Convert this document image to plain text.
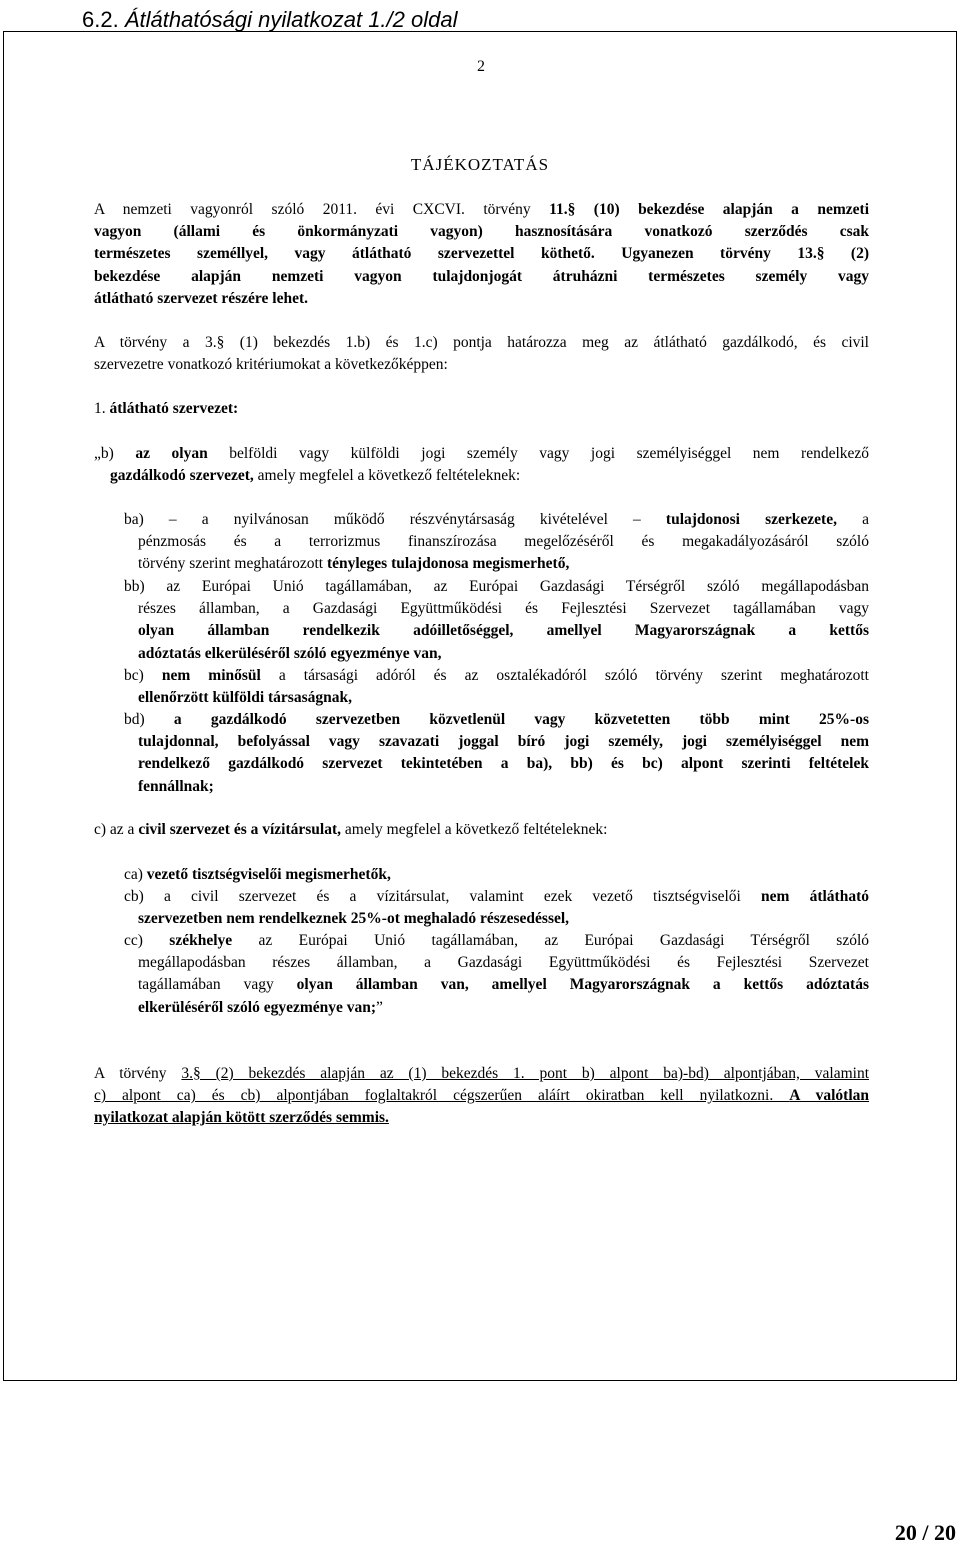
6.2. Átláthatósági nyilatkozat 1./2 oldal
2
TÁJÉKOZTATÁS
A nemzeti vagyonról szóló 2011. évi CXCVI. törvény 11.§ (10) bekezdése alapján a nemzeti
vagyon (állami és önkormányzati vagyon) hasznosítására vonatkozó szerződés csak
természetes személlyel, vagy átlátható szervezettel köthető. Ugyanezen törvény 13.§ (2)
bekezdése alapján nemzeti vagyon tulajdonjogát átruházni természetes személy vagy
átlátható szervezet részére lehet.
A törvény a 3.§ (1) bekezdés 1.b) és 1.c) pontja határozza meg az átlátható gazdálkodó, és civil
szervezetre vonatkozó kritériumokat a következőképpen:
1. átlátható szervezet:
„b) az olyan belföldi vagy külföldi jogi személy vagy jogi személyiséggel nem rendelkező
gazdálkodó szervezet, amely megfelel a következő feltételeknek:
ba) – a nyilvánosan működő részvénytársaság kivételével – tulajdonosi szerkezete, a
pénzmosás és a terrorizmus finanszírozása megelőzéséről és megakadályozásáról szóló
törvény szerint meghatározott tényleges tulajdonosa megismerhető,
bb) az Európai Unió tagállamában, az Európai Gazdasági Térségről szóló megállapodásban
részes államban, a Gazdasági Együttműködési és Fejlesztési Szervezet tagállamában vagy
olyan államban rendelkezik adóilletőséggel, amellyel Magyarországnak a kettős
adóztatás elkerüléséről szóló egyezménye van,
bc) nem minősül a társasági adóról és az osztalékadóról szóló törvény szerint meghatározott
ellenőrzött külföldi társaságnak,
bd) a gazdálkodó szervezetben közvetlenül vagy közvetetten több mint 25%-os
tulajdonnal, befolyással vagy szavazati joggal bíró jogi személy, jogi személyiséggel nem
rendelkező gazdálkodó szervezet tekintetében a ba), bb) és bc) alpont szerinti feltételek
fennállnak;
c) az a civil szervezet és a vízitársulat, amely megfelel a következő feltételeknek:
ca) vezető tisztségviselői megismerhetők,
cb) a civil szervezet és a vízitársulat, valamint ezek vezető tisztségviselői nem átlátható
szervezetben nem rendelkeznek 25%-ot meghaladó részesedéssel,
cc) székhelye az Európai Unió tagállamában, az Európai Gazdasági Térségről szóló
megállapodásban részes államban, a Gazdasági Együttműködési és Fejlesztési Szervezet
tagállamában vagy olyan államban van, amellyel Magyarországnak a kettős adóztatás
elkerüléséről szóló egyezménye van;”
A törvény 3.§ (2) bekezdés alapján az (1) bekezdés 1. pont b) alpont ba)-bd) alpontjában, valamint
c) alpont ca) és cb) alpontjában foglaltakról cégszerűen aláírt okiratban kell nyilatkozni. A valótlan
nyilatkozat alapján kötött szerződés semmis.
20 / 20
